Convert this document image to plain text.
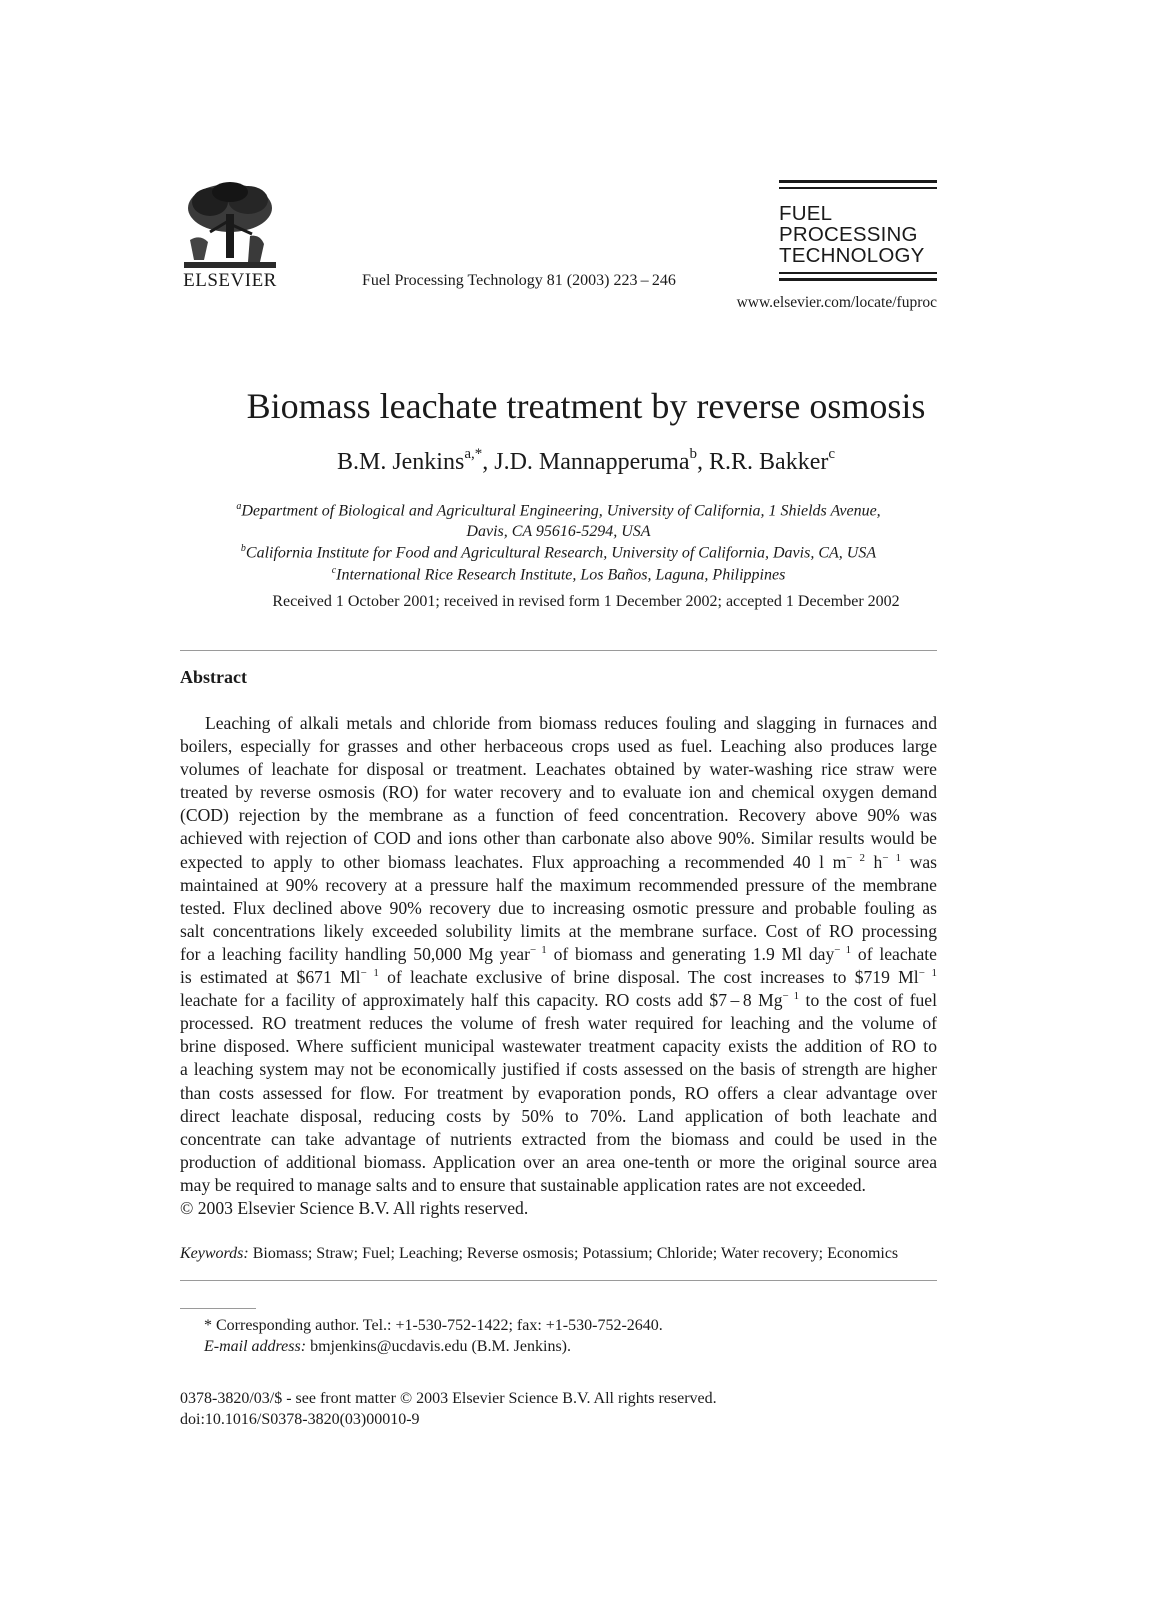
ELSEVIER	Fuel Processing Technology 81 (2003) 223 – 246
FUEL
PROCESSING
TECHNOLOGY
www.elsevier.com/locate/fuproc
Biomass leachate treatment by reverse osmosis
B.M. Jenkins$^{a,*}$, J.D. Mannapperuma$^b$, R.R. Bakker$^c$
$^a$Department of Biological and Agricultural Engineering, University of California, 1 Shields Avenue,
Davis, CA 95616-5294, USA
$^b$California Institute for Food and Agricultural Research, University of California, Davis, CA, USA
$^c$International Rice Research Institute, Los Baños, Laguna, Philippines
Received 1 October 2001; received in revised form 1 December 2002; accepted 1 December 2002
Abstract
Leaching of alkali metals and chloride from biomass reduces fouling and slagging in furnaces and
boilers, especially for grasses and other herbaceous crops used as fuel. Leaching also produces large
volumes of leachate for disposal or treatment. Leachates obtained by water-washing rice straw were
treated by reverse osmosis (RO) for water recovery and to evaluate ion and chemical oxygen demand
(COD) rejection by the membrane as a function of feed concentration. Recovery above 90% was
achieved with rejection of COD and ions other than carbonate also above 90%. Similar results would be
expected to apply to other biomass leachates. Flux approaching a recommended 40 l $m^{- 2}$ $h^{- 1}$ was
maintained at 90% recovery at a pressure half the maximum recommended pressure of the membrane
tested. Flux declined above 90% recovery due to increasing osmotic pressure and probable fouling as
salt concentrations likely exceeded solubility limits at the membrane surface. Cost of RO processing
for a leaching facility handling 50,000 Mg year$^{- 1}$ of biomass and generating 1.9 Ml day$^{- 1}$ of leachate
is estimated at $671 $Ml^{- 1}$ of leachate exclusive of brine disposal. The cost increases to $719 $Ml^{- 1}$
leachate for a facility of approximately half this capacity. RO costs add $7 – 8 $Mg^{- 1}$ to the cost of fuel
processed. RO treatment reduces the volume of fresh water required for leaching and the volume of
brine disposed. Where sufficient municipal wastewater treatment capacity exists the addition of RO to
a leaching system may not be economically justified if costs assessed on the basis of strength are higher
than costs assessed for flow. For treatment by evaporation ponds, RO offers a clear advantage over
direct leachate disposal, reducing costs by 50% to 70%. Land application of both leachate and
concentrate can take advantage of nutrients extracted from the biomass and could be used in the
production of additional biomass. Application over an area one-tenth or more the original source area
may be required to manage salts and to ensure that sustainable application rates are not exceeded.
© 2003 Elsevier Science B.V. All rights reserved.
Keywords: Biomass; Straw; Fuel; Leaching; Reverse osmosis; Potassium; Chloride; Water recovery; Economics
* Corresponding author. Tel.: +1-530-752-1422; fax: +1-530-752-2640.
E-mail address: bmjenkins@ucdavis.edu (B.M. Jenkins).
0378-3820/03/$ - see front matter © 2003 Elsevier Science B.V. All rights reserved.
doi:10.1016/S0378-3820(03)00010-9
